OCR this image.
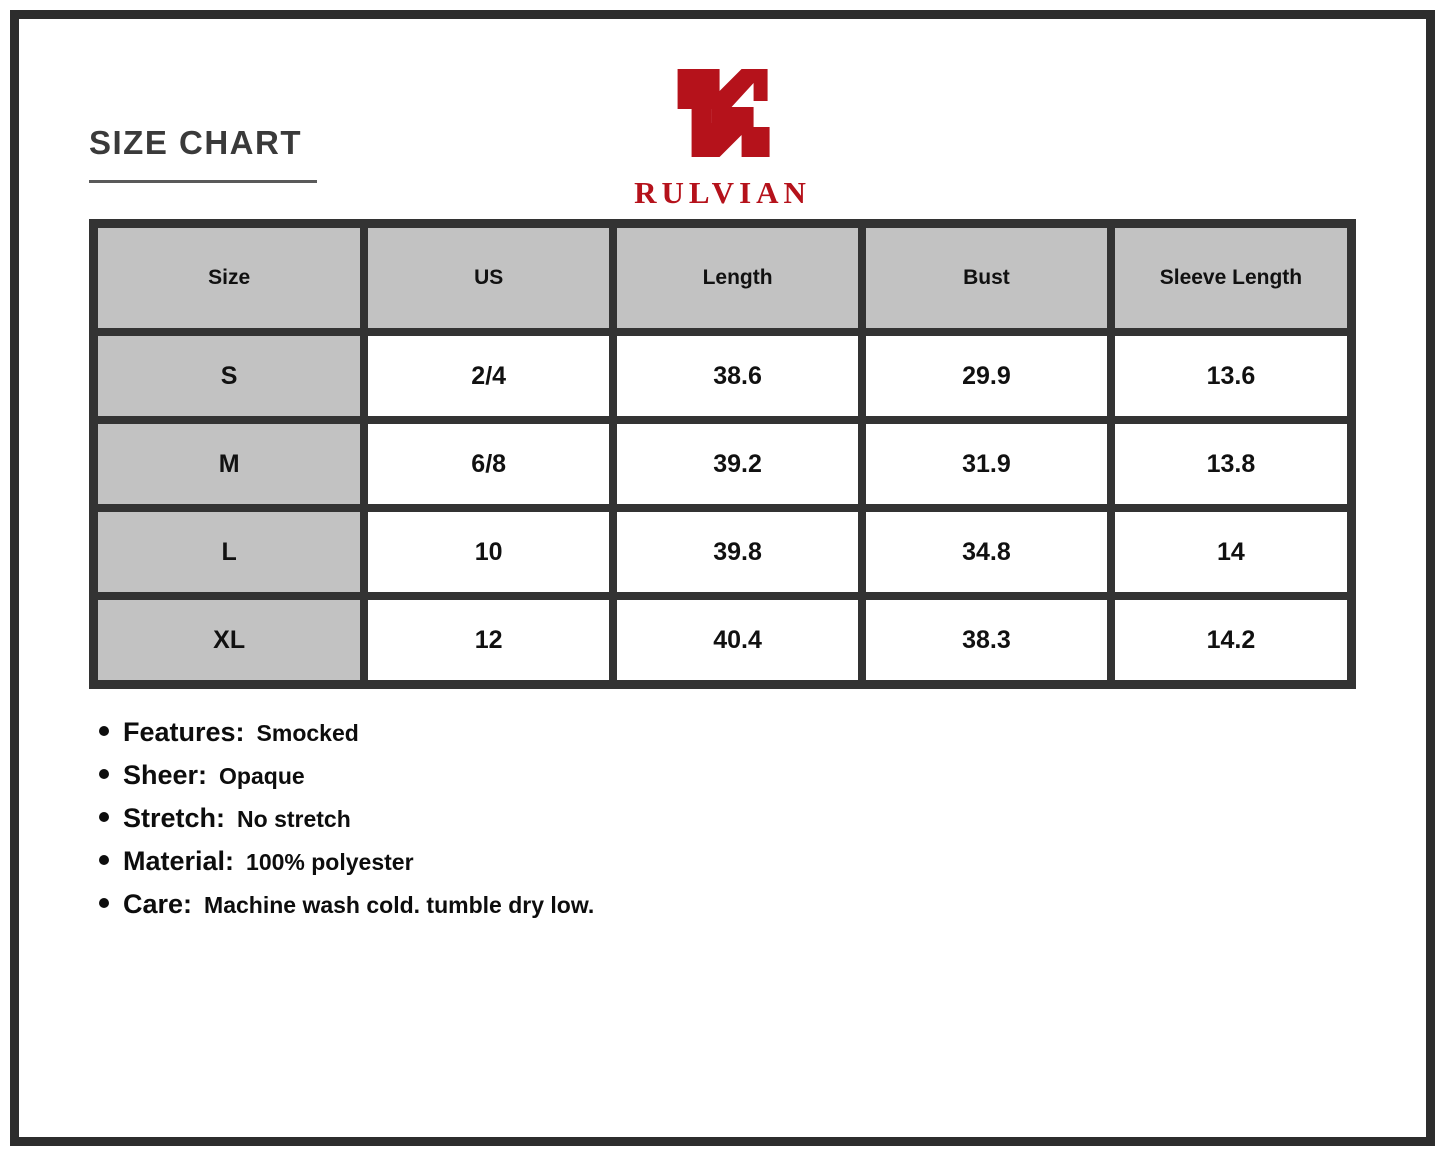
SIZE CHART
RULVIAN
Size	US	Length	Bust	Sleeve Length
S	2/4	38.6	29.9	13.6
M	6/8	39.2	31.9	13.8
L	10	39.8	34.8	14
XL	12	40.4	38.3	14.2
Features: Smocked
Sheer: Opaque
Stretch: No stretch
Material: 100% polyester
Care: Machine wash cold. tumble dry low.
